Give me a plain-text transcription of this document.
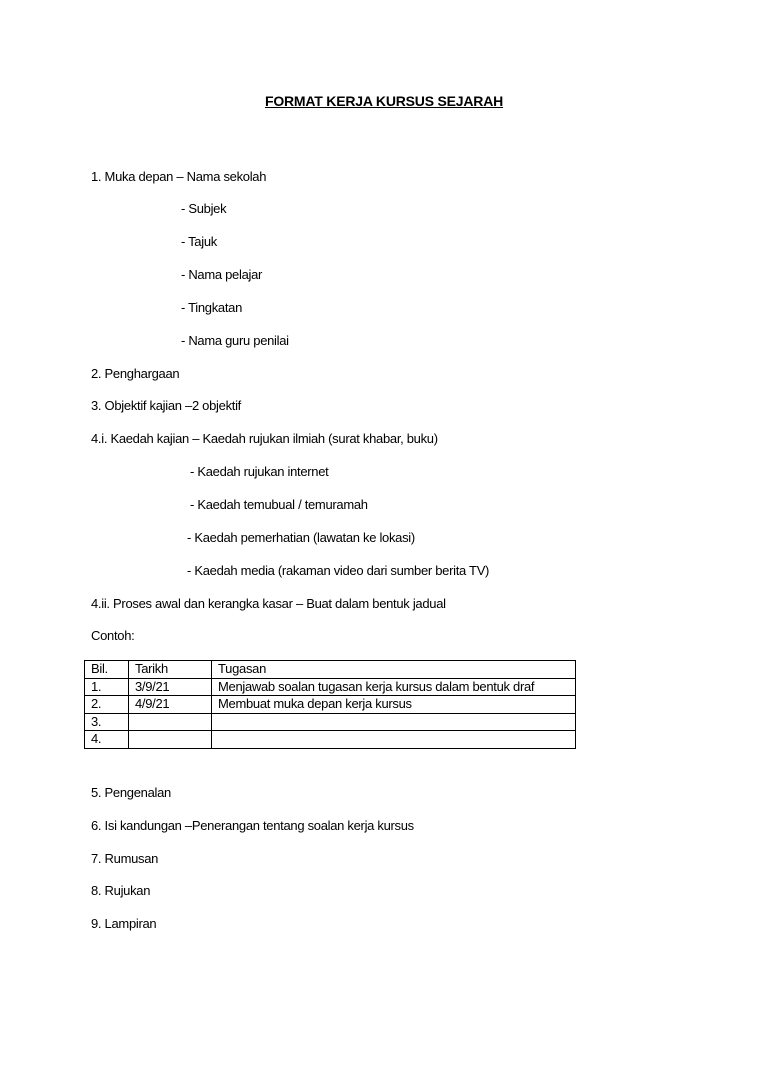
FORMAT KERJA KURSUS SEJARAH
1. Muka depan – Nama sekolah
- Subjek
- Tajuk
- Nama pelajar
- Tingkatan
- Nama guru penilai
2. Penghargaan
3. Objektif kajian –2 objektif
4.i. Kaedah kajian – Kaedah rujukan ilmiah (surat khabar, buku)
- Kaedah rujukan internet
- Kaedah temubual / temuramah
- Kaedah pemerhatian (lawatan ke lokasi)
- Kaedah media (rakaman video dari sumber berita TV)
4.ii. Proses awal dan kerangka kasar – Buat dalam bentuk jadual
Contoh:
Bil.	Tarikh	Tugasan
1.	3/9/21	Menjawab soalan tugasan kerja kursus dalam bentuk draf
2.	4/9/21	Membuat muka depan kerja kursus
3.		
4.		
5. Pengenalan
6. Isi kandungan –Penerangan tentang soalan kerja kursus
7. Rumusan
8. Rujukan
9. Lampiran
